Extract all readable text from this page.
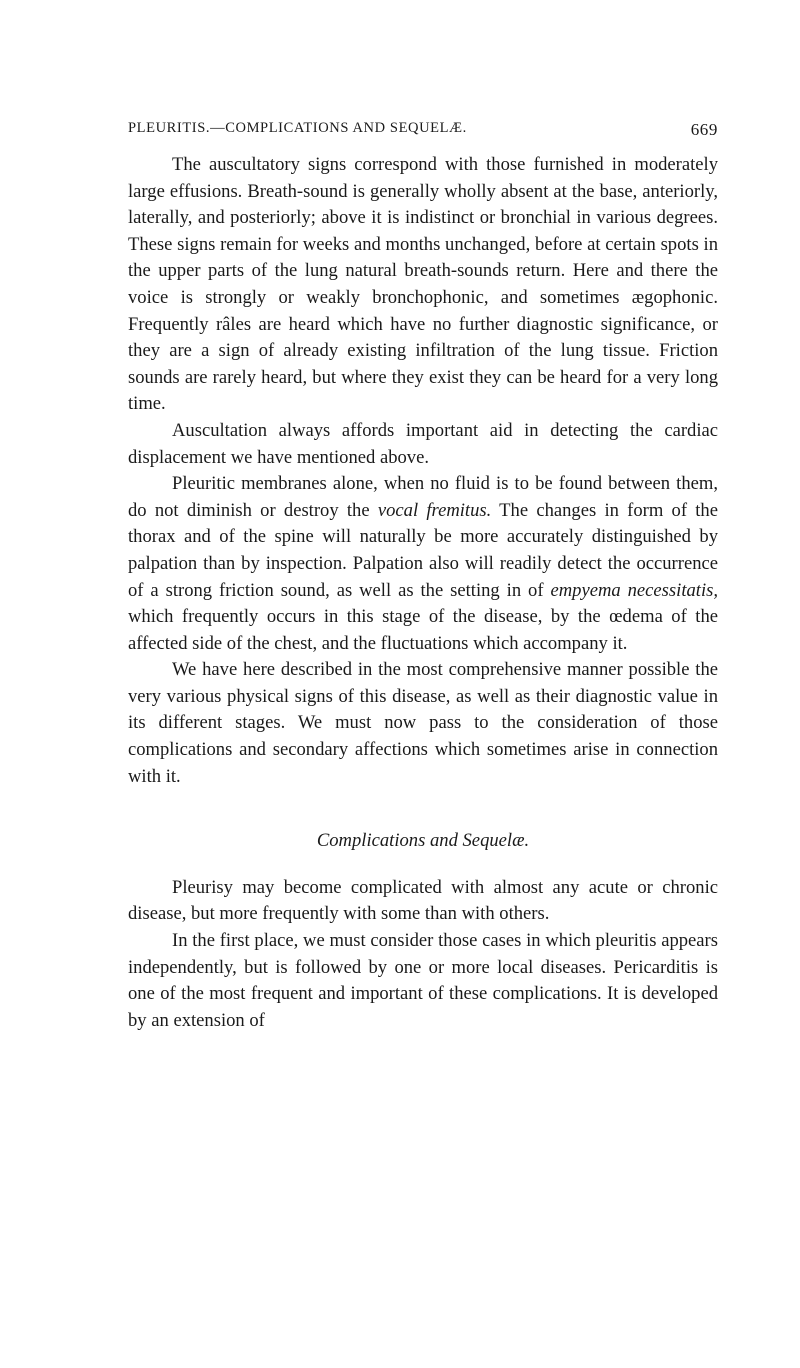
PLEURITIS.—COMPLICATIONS AND SEQUELÆ.	669

The auscultatory signs correspond with those furnished in moderately large effusions. Breath-sound is generally wholly absent at the base, anteriorly, laterally, and posteriorly; above it is indistinct or bronchial in various degrees. These signs remain for weeks and months unchanged, before at certain spots in the upper parts of the lung natural breath-sounds return. Here and there the voice is strongly or weakly bronchophonic, and sometimes ægophonic. Frequently râles are heard which have no further diagnostic significance, or they are a sign of already existing infiltration of the lung tissue. Friction sounds are rarely heard, but where they exist they can be heard for a very long time.

Auscultation always affords important aid in detecting the cardiac displacement we have mentioned above.

Pleuritic membranes alone, when no fluid is to be found between them, do not diminish or destroy the vocal fremitus. The changes in form of the thorax and of the spine will naturally be more accurately distinguished by palpation than by inspection. Palpation also will readily detect the occurrence of a strong friction sound, as well as the setting in of empyema necessitatis, which frequently occurs in this stage of the disease, by the œdema of the affected side of the chest, and the fluctuations which accompany it.

We have here described in the most comprehensive manner possible the very various physical signs of this disease, as well as their diagnostic value in its different stages. We must now pass to the consideration of those complications and secondary affections which sometimes arise in connection with it.

Complications and Sequelæ.

Pleurisy may become complicated with almost any acute or chronic disease, but more frequently with some than with others.

In the first place, we must consider those cases in which pleuritis appears independently, but is followed by one or more local diseases. Pericarditis is one of the most frequent and important of these complications. It is developed by an extension of
